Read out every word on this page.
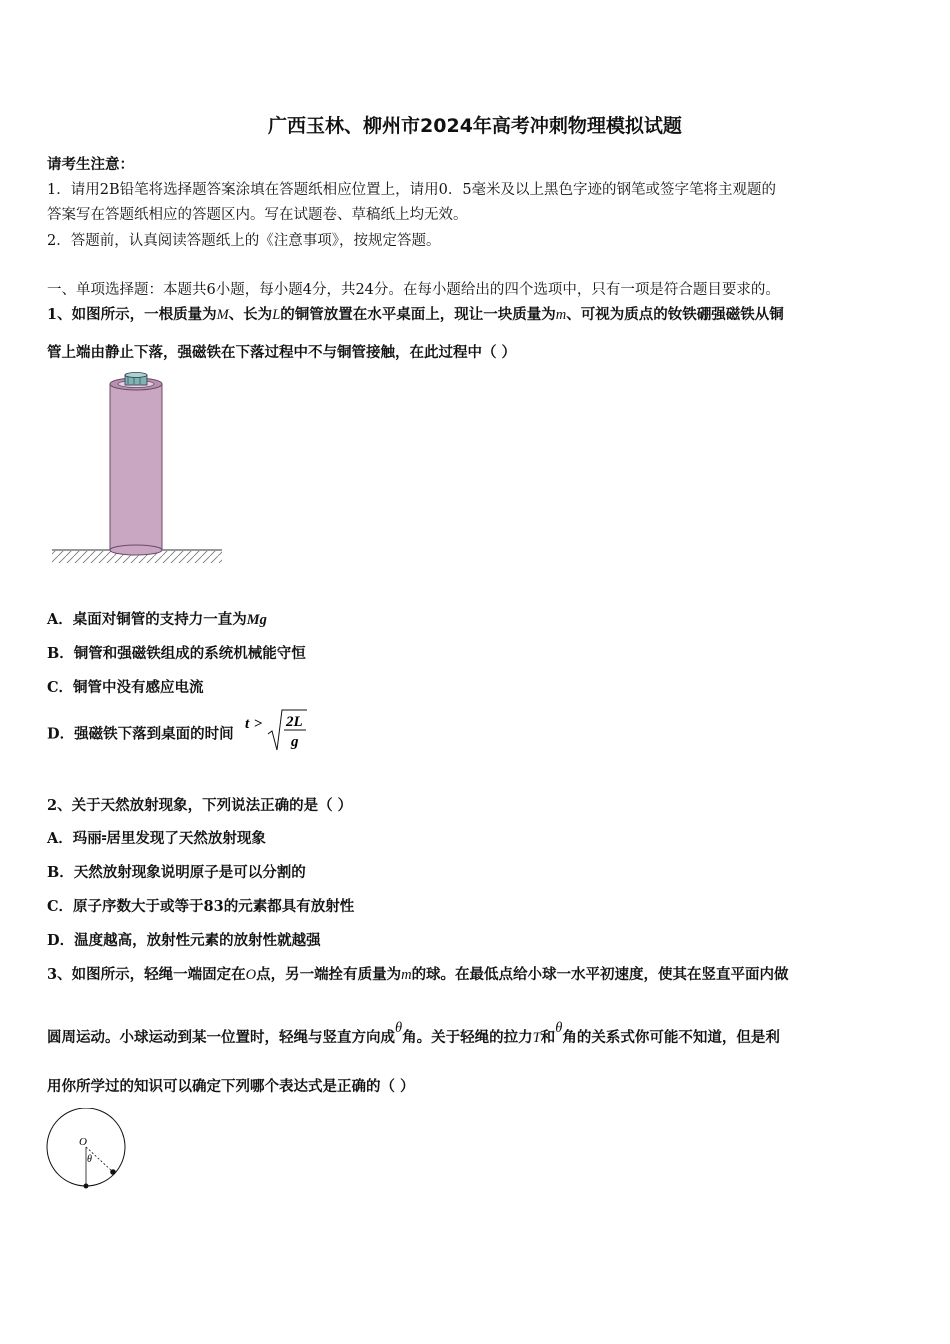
广西玉林、柳州市2024年高考冲刺物理模拟试题
请考生注意：
1．请用2B铅笔将选择题答案涂填在答题纸相应位置上，请用0．5毫米及以上黑色字迹的钢笔或签字笔将主观题的
答案写在答题纸相应的答题区内。写在试题卷、草稿纸上均无效。
2．答题前，认真阅读答题纸上的《注意事项》，按规定答题。
一、单项选择题：本题共6小题，每小题4分，共24分。在每小题给出的四个选项中，只有一项是符合题目要求的。
1、如图所示，一根质量为M、长为L的铜管放置在水平桌面上，现让一块质量为m、可视为质点的钕铁硼强磁铁从铜
管上端由静止下落，强磁铁在下落过程中不与铜管接触，在此过程中（ ）
A．桌面对铜管的支持力一直为Mg
B．铜管和强磁铁组成的系统机械能守恒
C．铜管中没有感应电流
D．强磁铁下落到桌面的时间
t > 2L
g
2、关于天然放射现象，下列说法正确的是（ ）
A．玛丽⹀居里发现了天然放射现象
B．天然放射现象说明原子是可以分割的
C．原子序数大于或等于83的元素都具有放射性
D．温度越高，放射性元素的放射性就越强
3、如图所示，轻绳一端固定在O点，另一端拴有质量为m的球。在最低点给小球一水平初速度，使其在竖直平面内做
圆周运动。小球运动到某一位置时，轻绳与竖直方向成θ角。关于轻绳的拉力T和θ角的关系式你可能不知道，但是利
用你所学过的知识可以确定下列哪个表达式是正确的（ ）
O
θ
